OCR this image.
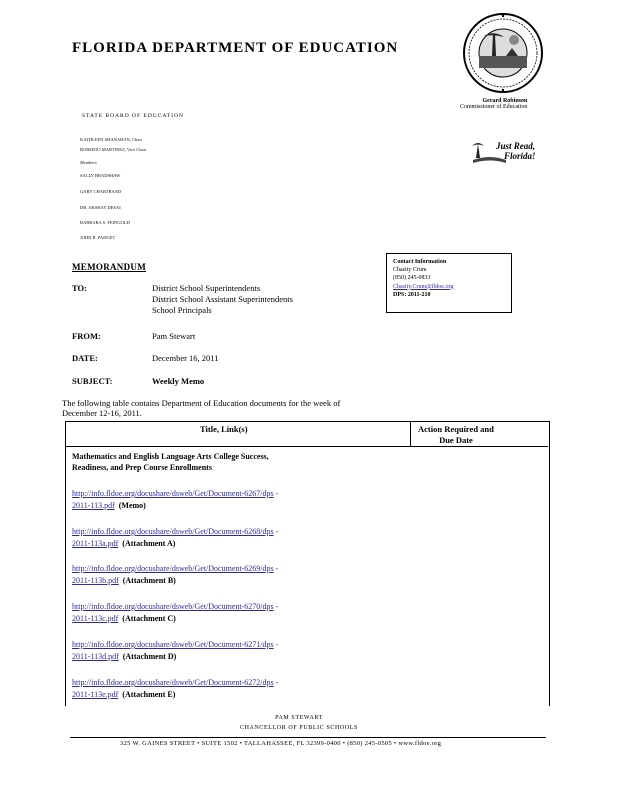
FLORIDA DEPARTMENT OF EDUCATION
STATE BOARD OF EDUCATION
KATHLEEN SHANAHAN, Chair
ROBERTO MARTINEZ, Vice Chair
Members
SALLY BRADSHAW
GARY CHARTRAND
DR. AKSHAY DESAI
BARBARA S. FEINGOLD
JOHN R. PADGET
Gerard Robinson
Commissioner of Education
Just Read,
Florida!
MEMORANDUM	Contact Information
Chasity Crum
(850) 245-0833
Chasity.Crum@fldoe.org
DPS: 2011-210
TO:	District School Superintendents
District School Assistant Superintendents
School Principals
FROM:	Pam Stewart
DATE:	December 16, 2011
SUBJECT:	Weekly Memo
The following table contains Department of Education documents for the week of
December 12-16, 2011.
Title, Link(s)	Action Required and
Due Date
Mathematics and English Language Arts College Success,
Readiness, and Prep Course Enrollments
http://info.fldoe.org/docushare/dsweb/Get/Document-6267/dps -
2011-113.pdf (Memo)
http://info.fldoe.org/docushare/dsweb/Get/Document-6268/dps -
2011-113a.pdf (Attachment A)
http://info.fldoe.org/docushare/dsweb/Get/Document-6269/dps -
2011-113b.pdf (Attachment B)
http://info.fldoe.org/docushare/dsweb/Get/Document-6270/dps -
2011-113c.pdf (Attachment C)
http://info.fldoe.org/docushare/dsweb/Get/Document-6271/dps -
2011-113d.pdf (Attachment D)
http://info.fldoe.org/docushare/dsweb/Get/Document-6272/dps -
2011-113e.pdf (Attachment E)
PAM STEWART
CHANCELLOR OF PUBLIC SCHOOLS
325 W. GAINES STREET • SUITE 1502 • TALLAHASSEE, FL 32399-0400 • (850) 245-0505 • www.fldoe.org
